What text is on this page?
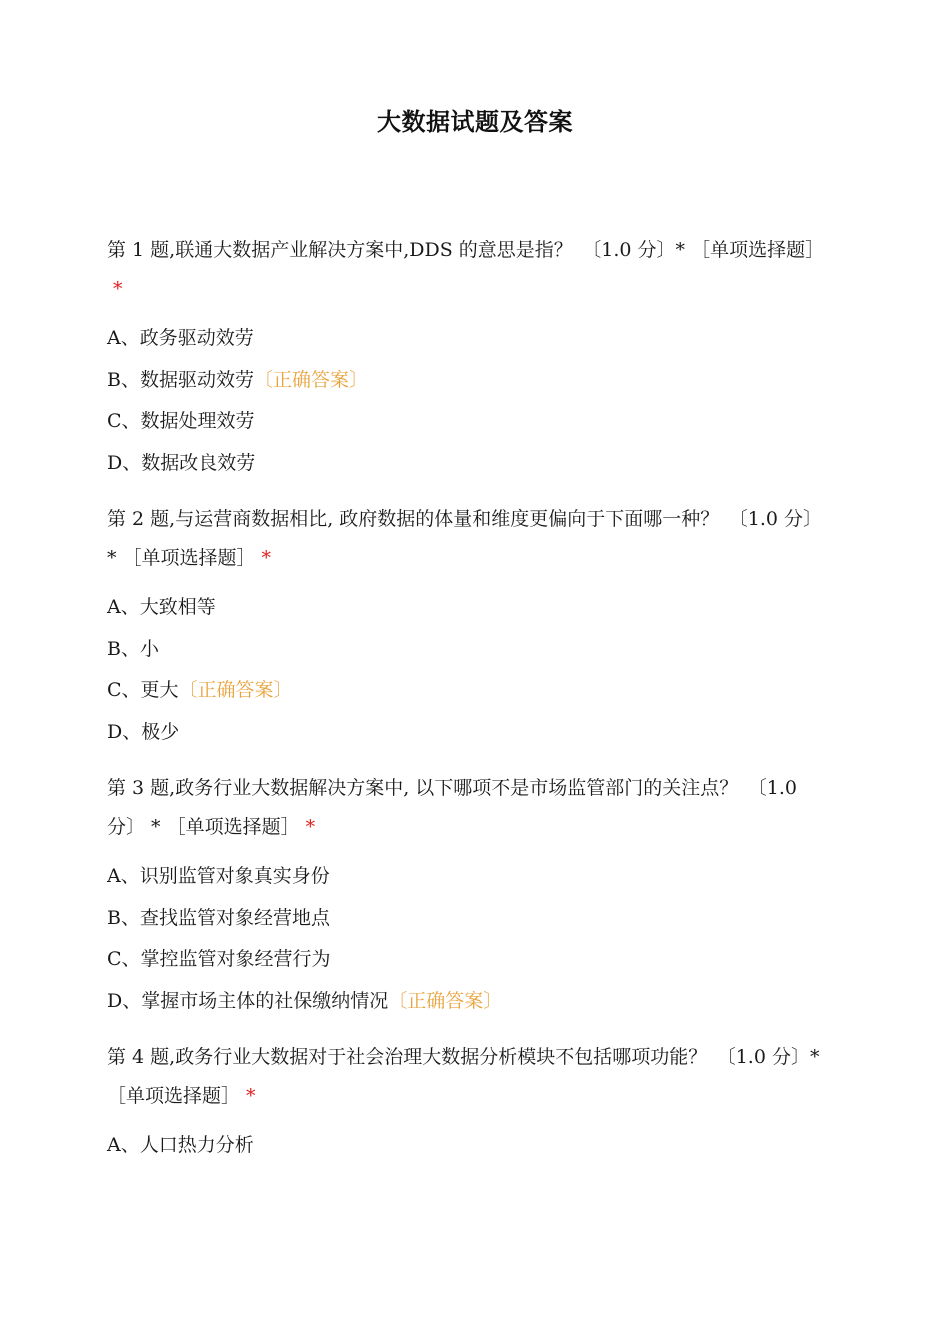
大数据试题及答案

第 1 题,联通大数据产业解决方案中,DDS 的意思是指？　〔1.0 分〕* ［单项选择题］*

A、政务驱动效劳
B、数据驱动效劳〔正确答案〕
C、数据处理效劳
D、数据改良效劳

第 2 题,与运营商数据相比, 政府数据的体量和维度更偏向于下面哪一种？　〔1.0 分〕 * ［单项选择题］ *

A、大致相等
B、小
C、更大〔正确答案〕
D、极少

第 3 题,政务行业大数据解决方案中, 以下哪项不是市场监管部门的关注点？　〔1.0 分〕 * ［单项选择题］ *

A、识别监管对象真实身份
B、查找监管对象经营地点
C、掌控监管对象经营行为
D、掌握市场主体的社保缴纳情况〔正确答案〕

第 4 题,政务行业大数据对于社会治理大数据分析模块不包括哪项功能？　〔1.0 分〕* ［单项选择题］ *

A、人口热力分析
